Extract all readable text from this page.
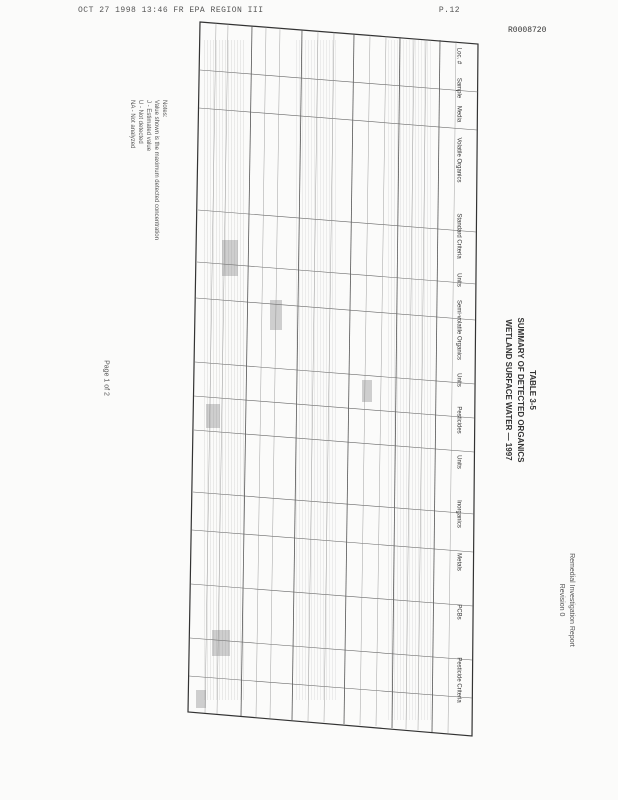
OCT 27 1998 13:46 FR EPA REGION III	P.12
R0008720
Loc. #
Sample
Media
Volatile Organics
Standard Criteria
Units
Semi-volatile Organics
Units
Pesticides
Units
Inorganics
Metals
PCBs
Pesticide Criteria
TABLE 3-5
SUMMARY OF DETECTED ORGANICS
WETLAND SURFACE WATER — 1997
Remedial Investigation Report
Revision 0
Notes:
Value shown is the maximum detected concentration
J - Estimated value
U - Not detected
NA - Not analyzed
Page 1 of 2
